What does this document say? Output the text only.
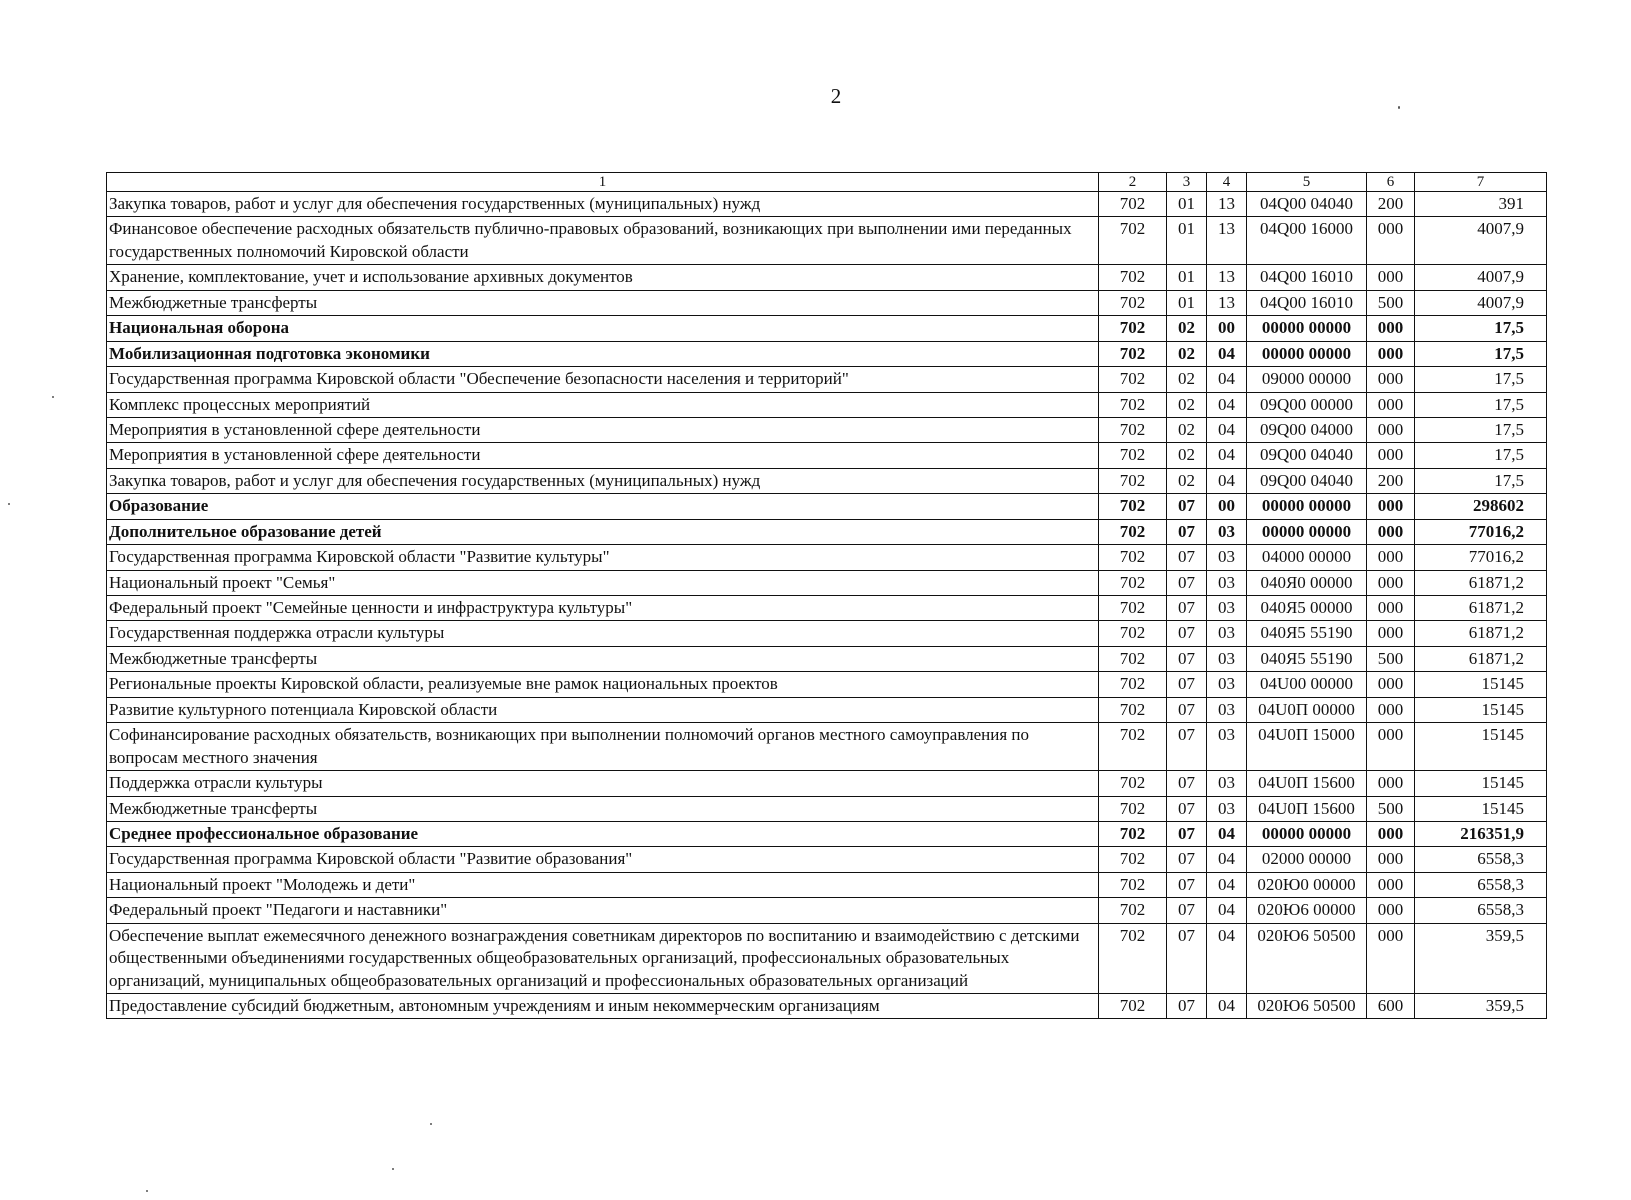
2
1	2	3	4	5	6	7
Закупка товаров, работ и услуг для обеспечения государственных (муниципальных) нужд	702	01	13	04Q00 04040	200	391
Финансовое обеспечение расходных обязательств публично-правовых образований, возникающих при выполнении ими переданных государственных полномочий Кировской области	702	01	13	04Q00 16000	000	4007,9
Хранение, комплектование, учет и использование архивных документов	702	01	13	04Q00 16010	000	4007,9
Межбюджетные трансферты	702	01	13	04Q00 16010	500	4007,9
Национальная оборона	702	02	00	00000 00000	000	17,5
Мобилизационная подготовка экономики	702	02	04	00000 00000	000	17,5
Государственная программа Кировской области "Обеспечение безопасности населения и территорий"	702	02	04	09000 00000	000	17,5
Комплекс процессных мероприятий	702	02	04	09Q00 00000	000	17,5
Мероприятия в установленной сфере деятельности	702	02	04	09Q00 04000	000	17,5
Мероприятия в установленной сфере деятельности	702	02	04	09Q00 04040	000	17,5
Закупка товаров, работ и услуг для обеспечения государственных (муниципальных) нужд	702	02	04	09Q00 04040	200	17,5
Образование	702	07	00	00000 00000	000	298602
Дополнительное образование детей	702	07	03	00000 00000	000	77016,2
Государственная программа Кировской области "Развитие культуры"	702	07	03	04000 00000	000	77016,2
Национальный проект "Семья"	702	07	03	040Я0 00000	000	61871,2
Федеральный проект "Семейные ценности и инфраструктура культуры"	702	07	03	040Я5 00000	000	61871,2
Государственная поддержка отрасли культуры	702	07	03	040Я5 55190	000	61871,2
Межбюджетные трансферты	702	07	03	040Я5 55190	500	61871,2
Региональные проекты Кировской области, реализуемые вне рамок национальных проектов	702	07	03	04U00 00000	000	15145
Развитие культурного потенциала Кировской области	702	07	03	04U0П 00000	000	15145
Софинансирование расходных обязательств, возникающих при выполнении полномочий органов местного самоуправления по вопросам местного значения	702	07	03	04U0П 15000	000	15145
Поддержка отрасли культуры	702	07	03	04U0П 15600	000	15145
Межбюджетные трансферты	702	07	03	04U0П 15600	500	15145
Среднее профессиональное образование	702	07	04	00000 00000	000	216351,9
Государственная программа Кировской области "Развитие образования"	702	07	04	02000 00000	000	6558,3
Национальный проект "Молодежь и дети"	702	07	04	020Ю0 00000	000	6558,3
Федеральный проект "Педагоги и наставники"	702	07	04	020Ю6 00000	000	6558,3
Обеспечение выплат ежемесячного денежного вознаграждения советникам директоров по воспитанию и взаимодействию с детскими общественными объединениями государственных общеобразовательных организаций, профессиональных образовательных организаций, муниципальных общеобразовательных организаций и профессиональных образовательных организаций	702	07	04	020Ю6 50500	000	359,5
Предоставление субсидий бюджетным, автономным учреждениям и иным некоммерческим организациям	702	07	04	020Ю6 50500	600	359,5
